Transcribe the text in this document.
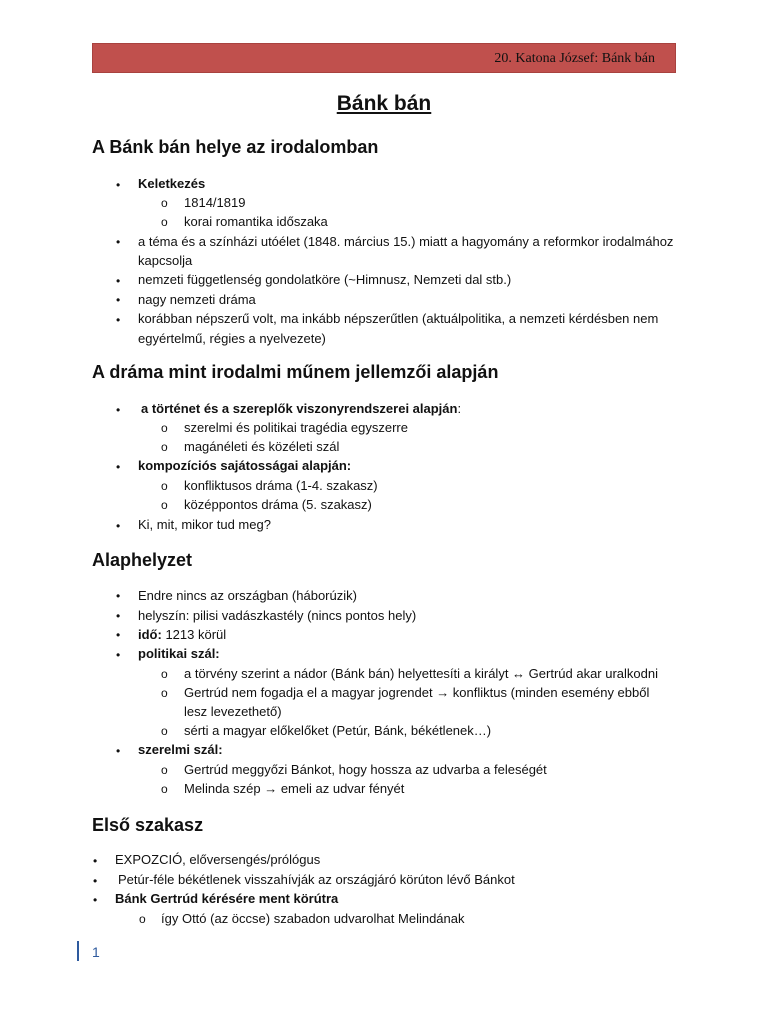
20. Katona József: Bánk bán
Bánk bán
A Bánk bán helye az irodalomban
• Keletkezés
o 1814/1819
o korai romantika időszaka
• a téma és a színházi utóélet (1848. március 15.) miatt a hagyomány a reformkor irodalmához
kapcsolja
• nemzeti függetlenség gondolatköre (~Himnusz, Nemzeti dal stb.)
• nagy nemzeti dráma
• korábban népszerű volt, ma inkább népszerűtlen (aktuálpolitika, a nemzeti kérdésben nem
egyértelmű, régies a nyelvezete)
A dráma mint irodalmi műnem jellemzői alapján
• a történet és a szereplők viszonyrendszerei alapján:
o szerelmi és politikai tragédia egyszerre
o magánéleti és közéleti szál
• kompozíciós sajátosságai alapján:
o konfliktusos dráma (1-4. szakasz)
o középpontos dráma (5. szakasz)
• Ki, mit, mikor tud meg?
Alaphelyzet
• Endre nincs az országban (háborúzik)
• helyszín: pilisi vadászkastély (nincs pontos hely)
• idő: 1213 körül
• politikai szál:
o a törvény szerint a nádor (Bánk bán) helyettesíti a királyt ↔ Gertrúd akar uralkodni
o Gertrúd nem fogadja el a magyar jogrendet → konfliktus (minden esemény ebből
lesz levezethető)
o sérti a magyar előkelőket (Petúr, Bánk, békétlenek…)
• szerelmi szál:
o Gertrúd meggyőzi Bánkot, hogy hossza az udvarba a feleségét
o Melinda szép → emeli az udvar fényét
Első szakasz
• EXPOZCIÓ, előversengés/prólógus
• Petúr-féle békétlenek visszahívják az országjáró körúton lévő Bánkot
• Bánk Gertrúd kérésére ment körútra
o így Ottó (az öccse) szabadon udvarolhat Melindának
1
